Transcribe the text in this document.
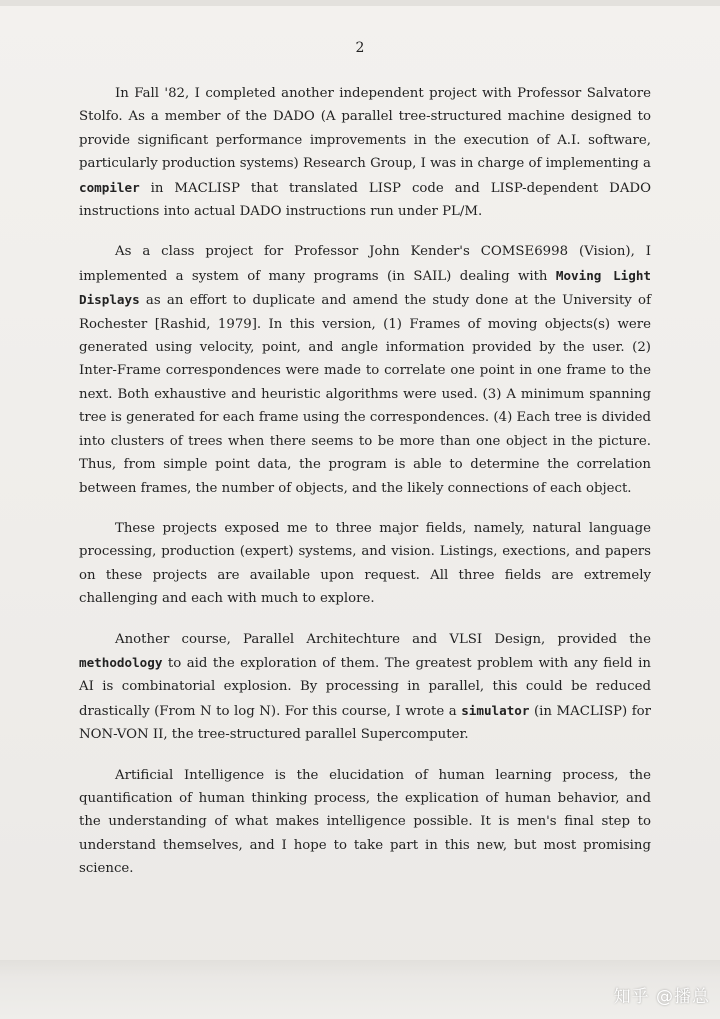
2

In Fall '82, I completed another independent project with Professor Salvatore Stolfo. As a member of the DADO (A parallel tree-structured machine designed to provide significant performance improvements in the execution of A.I. software, particularly production systems) Research Group, I was in charge of implementing a compiler in MACLISP that translated LISP code and LISP-dependent DADO instructions into actual DADO instructions run under PL/M.

As a class project for Professor John Kender's COMSE6998 (Vision), I implemented a system of many programs (in SAIL) dealing with Moving Light Displays as an effort to duplicate and amend the study done at the University of Rochester [Rashid, 1979]. In this version, (1) Frames of moving objects(s) were generated using velocity, point, and angle information provided by the user. (2) Inter-Frame correspondences were made to correlate one point in one frame to the next. Both exhaustive and heuristic algorithms were used. (3) A minimum spanning tree is generated for each frame using the correspondences. (4) Each tree is divided into clusters of trees when there seems to be more than one object in the picture. Thus, from simple point data, the program is able to determine the correlation between frames, the number of objects, and the likely connections of each object.

These projects exposed me to three major fields, namely, natural language processing, production (expert) systems, and vision. Listings, exections, and papers on these projects are available upon request. All three fields are extremely challenging and each with much to explore.

Another course, Parallel Architechture and VLSI Design, provided the methodology to aid the exploration of them. The greatest problem with any field in AI is combinatorial explosion. By processing in parallel, this could be reduced drastically (From N to log N). For this course, I wrote a simulator (in MACLISP) for NON-VON II, the tree-structured parallel Supercomputer.

Artificial Intelligence is the elucidation of human learning process, the quantification of human thinking process, the explication of human behavior, and the understanding of what makes intelligence possible. It is men's final step to understand themselves, and I hope to take part in this new, but most promising science.

知乎 @播总
